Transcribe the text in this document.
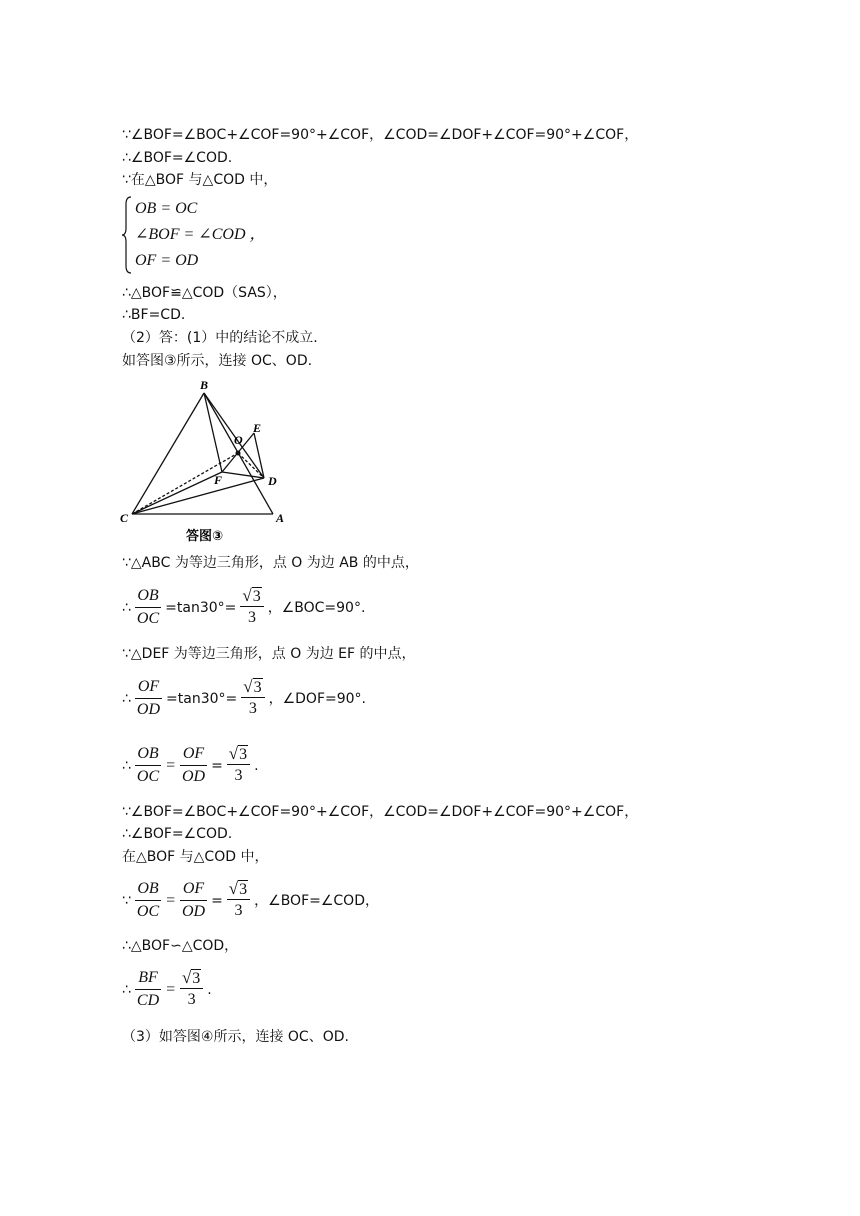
∵∠BOF=∠BOC+∠COF=90°+∠COF，∠COD=∠DOF+∠COF=90°+∠COF，
∴∠BOF=∠COD.
∵在△BOF 与△COD 中，
OB = OC
∠BOF = ∠COD ，
OF = OD
∴△BOF≌△COD（SAS），
∴BF=CD.
（2）答：(1）中的结论不成立.
如答图③所示，连接 OC、OD.
B
E
O
F	D
C	A
答图③
∵△ABC 为等边三角形，点 O 为边 AB 的中点，
∴ $\frac{OB}{OC} =\tan 30^\circ= \frac{√ 3}{3}$ ，∠BOC=90°.
∵△DEF 为等边三角形，点 O 为边 EF 的中点，
∴ $\frac{OF}{OD} =\tan 30^\circ= \frac{√ 3}{3}$ ，∠DOF=90°.
∴ $\frac{OB}{OC} = \frac{OF}{OD} = \frac{√ 3}{3}$ .
∵∠BOF=∠BOC+∠COF=90°+∠COF，∠COD=∠DOF+∠COF=90°+∠COF，
∴∠BOF=∠COD.
在△BOF 与△COD 中，
∵ $\frac{OB}{OC} = \frac{OF}{OD} = \frac{√ 3}{3}$ ，∠BOF=∠COD，
∴△BOF∽△COD，
∴ $\frac{BF}{CD} = \frac{√ 3}{3}$ .
（3）如答图④所示，连接 OC、OD.
